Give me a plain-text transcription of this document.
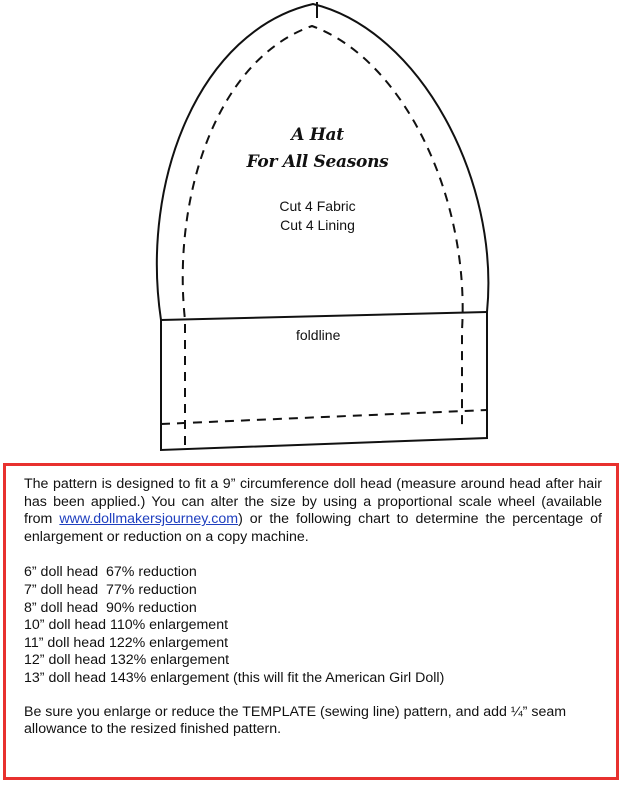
A Hat
For All Seasons
Cut 4 Fabric
Cut 4 Lining
foldline
The pattern is designed to fit a 9” circumference doll head (measure around head after hair has been applied.) You can alter the size by using a proportional scale wheel (available from www.dollmakersjourney.com) or the following chart to determine the percentage of enlargement or reduction on a copy machine.
6” doll head  67% reduction
7” doll head  77% reduction
8” doll head  90% reduction
10” doll head 110% enlargement
11” doll head 122% enlargement
12” doll head 132% enlargement
13” doll head 143% enlargement (this will fit the American Girl Doll)
Be sure you enlarge or reduce the TEMPLATE (sewing line) pattern, and add ¼” seam allowance to the resized finished pattern.
